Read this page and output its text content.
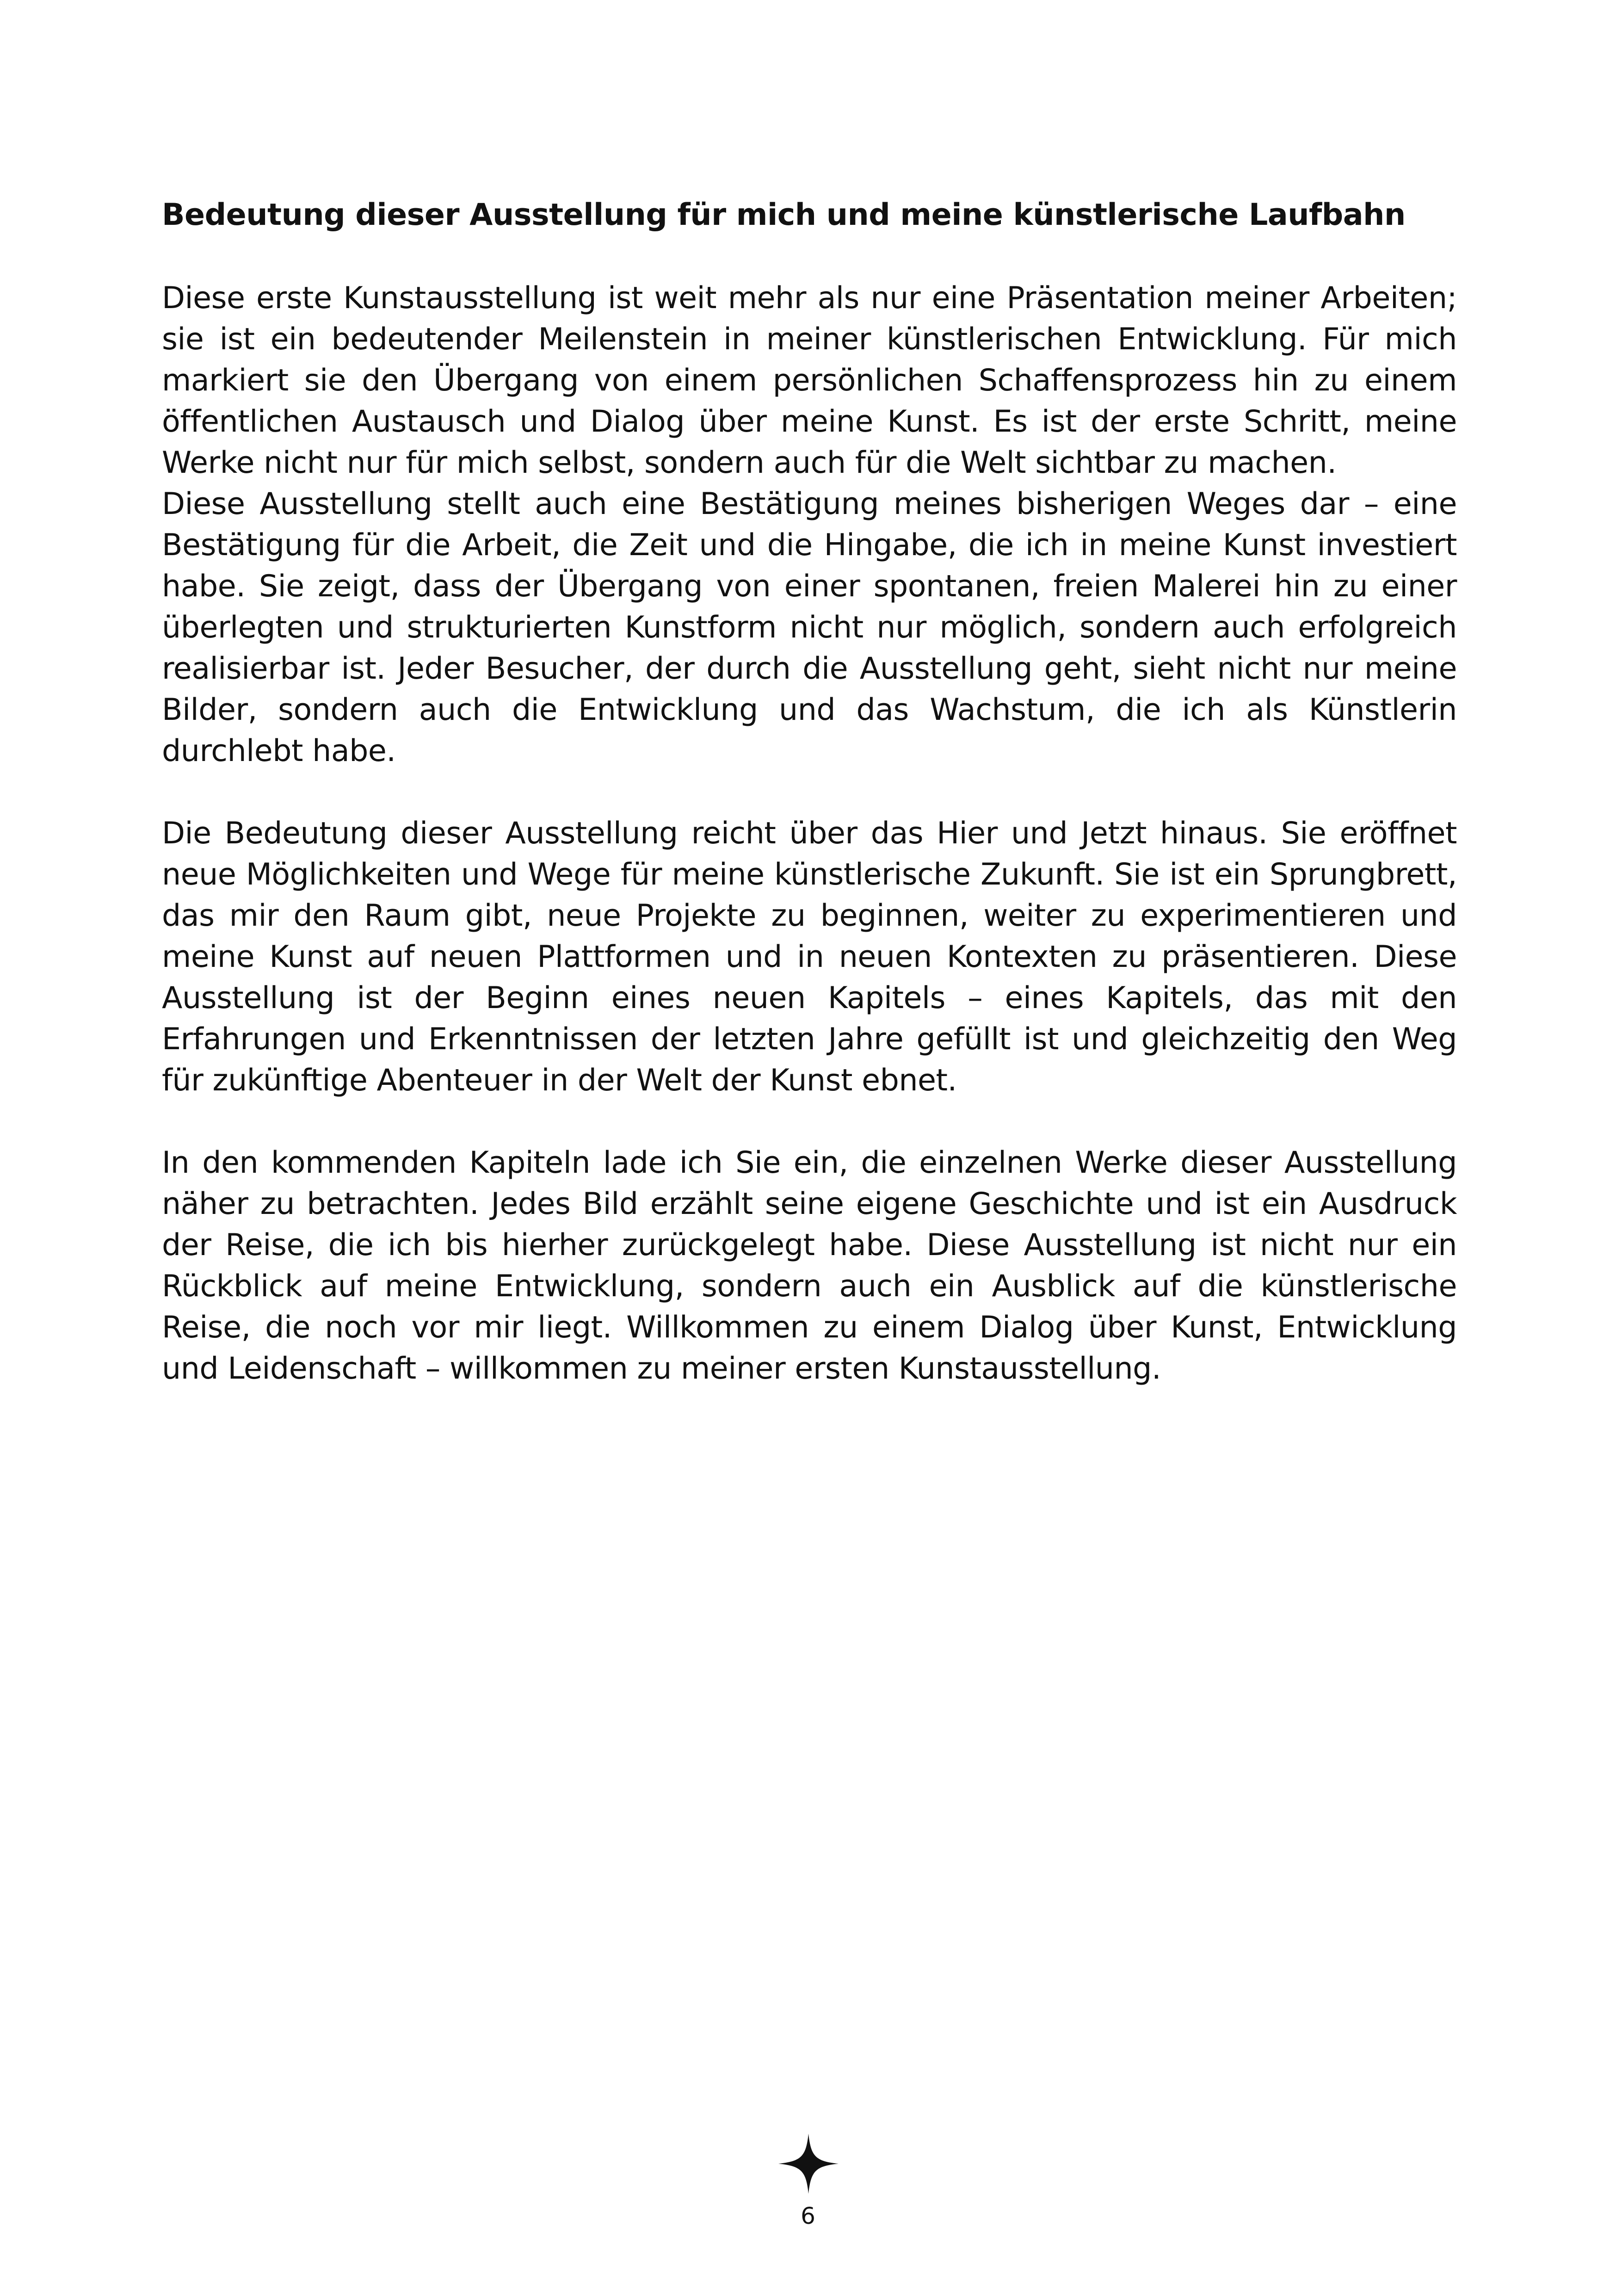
Bedeutung dieser Ausstellung für mich und meine künstlerische Laufbahn

Diese erste Kunstausstellung ist weit mehr als nur eine Präsentation meiner Arbeiten; sie ist ein bedeutender Meilenstein in meiner künstlerischen Entwicklung. Für mich markiert sie den Übergang von einem persönlichen Schaffensprozess hin zu einem öffentlichen Austausch und Dialog über meine Kunst. Es ist der erste Schritt, meine Werke nicht nur für mich selbst, sondern auch für die Welt sichtbar zu machen.

Diese Ausstellung stellt auch eine Bestätigung meines bisherigen Weges dar – eine Bestätigung für die Arbeit, die Zeit und die Hingabe, die ich in meine Kunst investiert habe. Sie zeigt, dass der Übergang von einer spontanen, freien Malerei hin zu einer überlegten und strukturierten Kunstform nicht nur möglich, sondern auch erfolgreich realisierbar ist. Jeder Besucher, der durch die Ausstellung geht, sieht nicht nur meine Bilder, sondern auch die Entwicklung und das Wachstum, die ich als Künstlerin durchlebt habe.

Die Bedeutung dieser Ausstellung reicht über das Hier und Jetzt hinaus. Sie eröffnet neue Möglichkeiten und Wege für meine künstlerische Zukunft. Sie ist ein Sprungbrett, das mir den Raum gibt, neue Projekte zu beginnen, weiter zu experimentieren und meine Kunst auf neuen Plattformen und in neuen Kontexten zu präsentieren. Diese Ausstellung ist der Beginn eines neuen Kapitels – eines Kapitels, das mit den Erfahrungen und Erkenntnissen der letzten Jahre gefüllt ist und gleichzeitig den Weg für zukünftige Abenteuer in der Welt der Kunst ebnet.

In den kommenden Kapiteln lade ich Sie ein, die einzelnen Werke dieser Ausstellung näher zu betrachten. Jedes Bild erzählt seine eigene Geschichte und ist ein Ausdruck der Reise, die ich bis hierher zurückgelegt habe. Diese Ausstellung ist nicht nur ein Rückblick auf meine Entwicklung, sondern auch ein Ausblick auf die künstlerische Reise, die noch vor mir liegt. Willkommen zu einem Dialog über Kunst, Entwicklung und Leidenschaft – willkommen zu meiner ersten Kunstausstellung.

6
